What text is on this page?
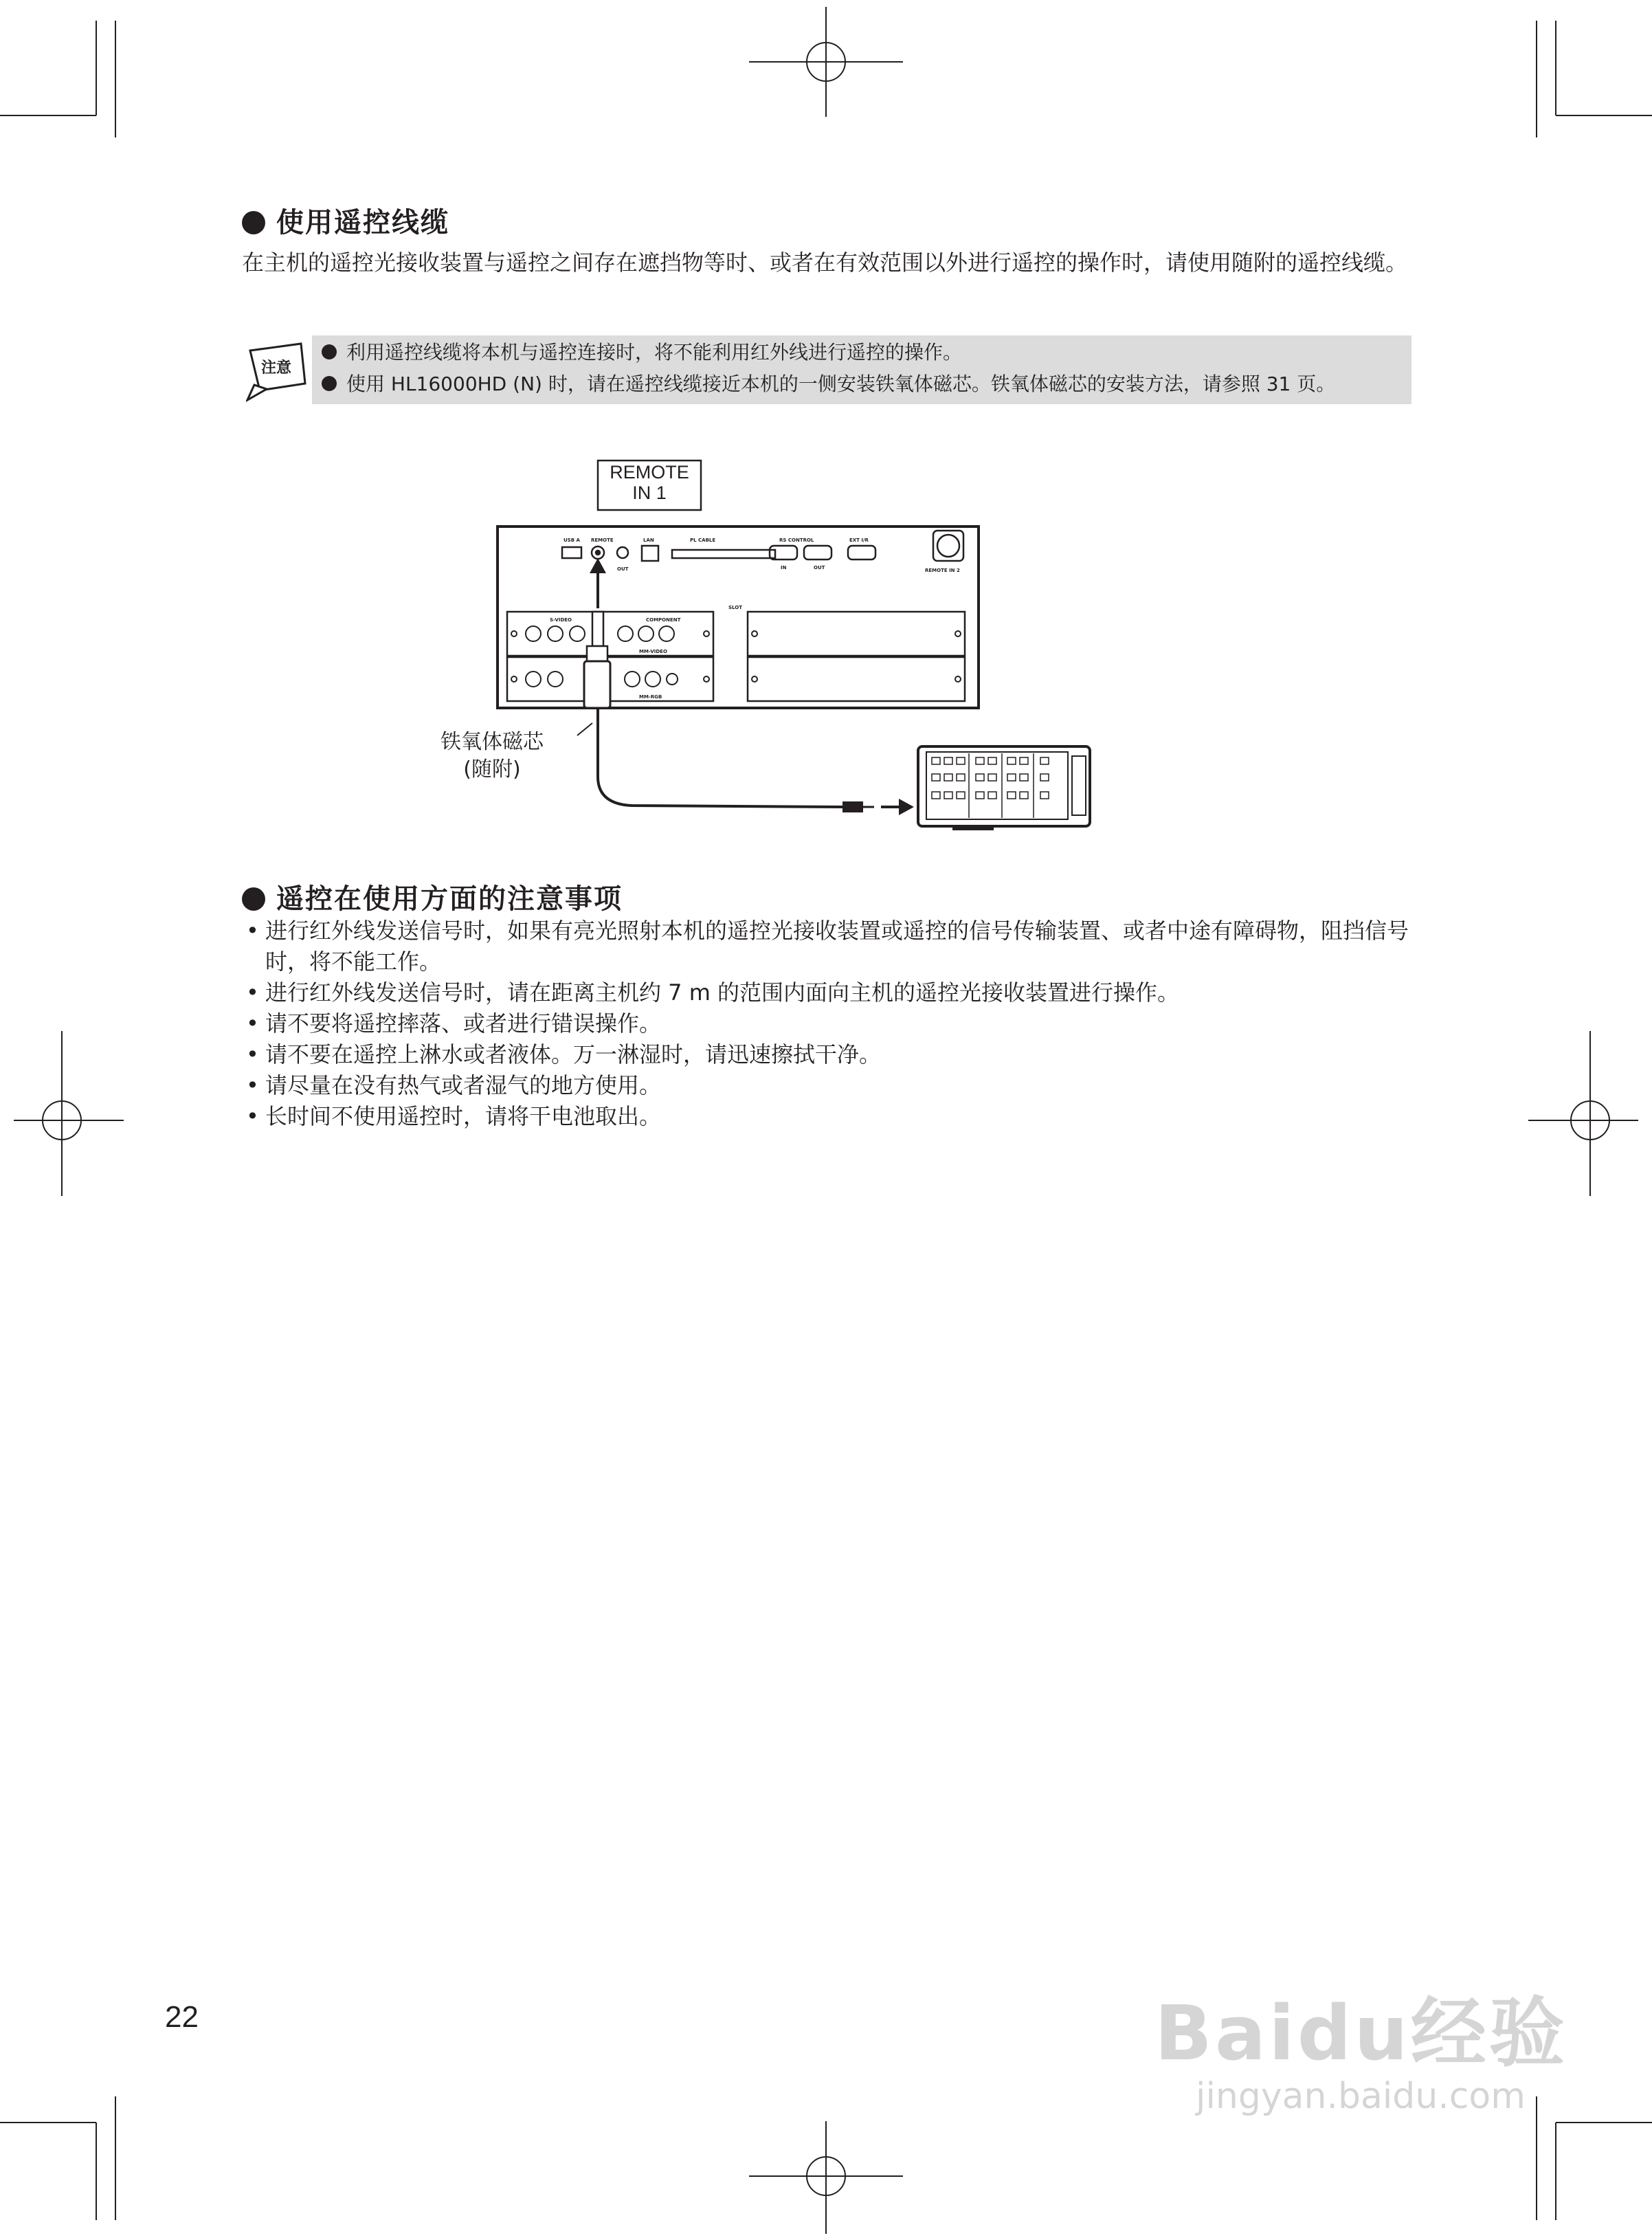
使用遥控线缆

在主机的遥控光接收装置与遥控之间存在遮挡物等时、或者在有效范围以外进行遥控的操作时，请使用随附的遥控线缆。

注意
利用遥控线缆将本机与遥控连接时，将不能利用红外线进行遥控的操作。
使用 HL16000HD (N) 时，请在遥控线缆接近本机的一侧安装铁氧体磁芯。铁氧体磁芯的安装方法，请参照 31 页。
USB A REMOTE	LAN	PL CABLE	RS CONTROL	EXT I/R
IN 1	OUT	IN	OUT
SLOT
REMOTE IN 2
COMPONENT
S-VIDEO
MM-VIDEO
MM-RGB
REMOTE
IN 1
铁氧体磁芯
(随附)
遥控在使用方面的注意事项
• 进行红外线发送信号时，如果有亮光照射本机的遥控光接收装置或遥控的信号传输装置、或者中途有障碍物，阻挡信号时，将不能工作。
• 进行红外线发送信号时，请在距离主机约 7 m 的范围内面向主机的遥控光接收装置进行操作。
• 请不要将遥控摔落、或者进行错误操作。
• 请不要在遥控上淋水或者液体。万一淋湿时，请迅速擦拭干净。
• 请尽量在没有热气或者湿气的地方使用。
• 长时间不使用遥控时，请将干电池取出。
22	Baidu经验
jingyan.baidu.com
